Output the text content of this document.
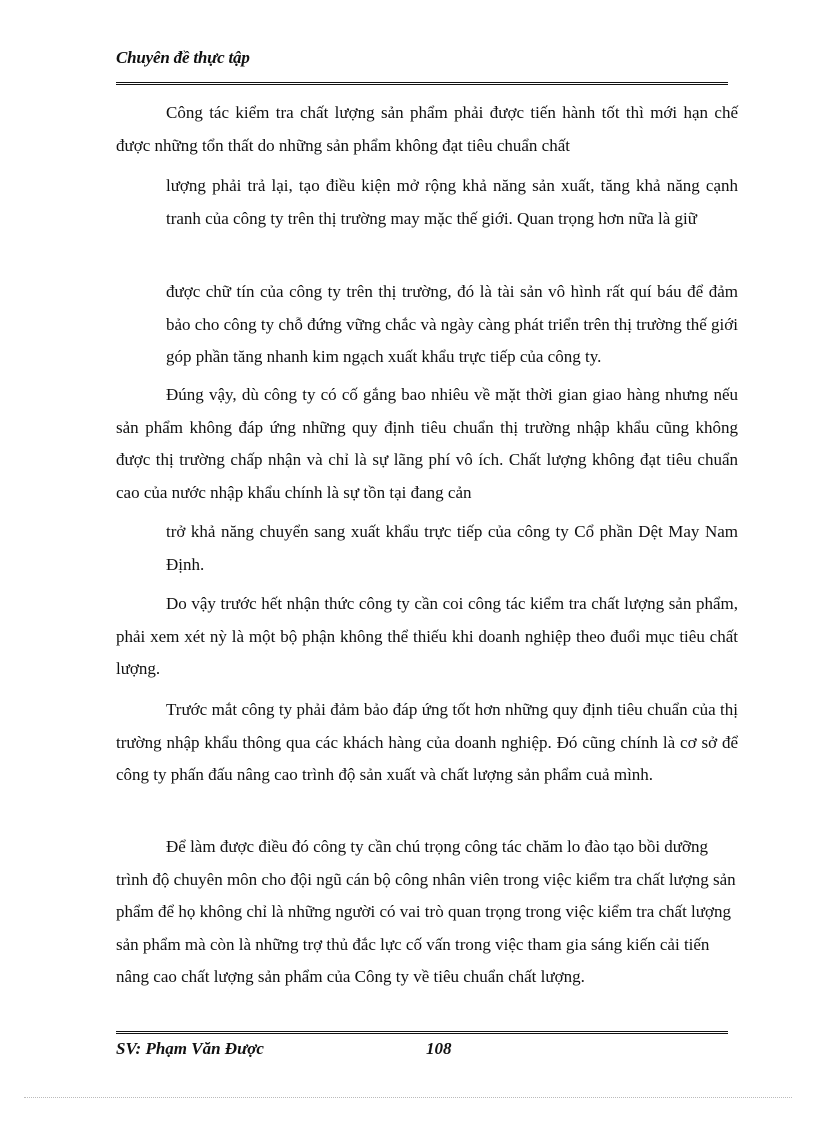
Chuyên đề thực tập

Công tác kiểm tra chất lượng sản phẩm phải được tiến hành tốt thì mới hạn chế được những tổn thất do những sản phẩm không đạt tiêu chuẩn chất

lượng phải trả lại, tạo điều kiện mở rộng khả năng sản xuất, tăng khả năng cạnh tranh của công ty trên thị trường may mặc thế giới. Quan trọng hơn nữa là giữ

được chữ tín của công ty trên thị trường, đó là tài sản vô hình rất quí báu để đảm bảo cho công ty chỗ đứng vững chắc và ngày càng phát triển trên thị trường thế giới góp phần tăng nhanh kim ngạch xuất khẩu trực tiếp của công ty.

Đúng vậy, dù công ty có cố gắng bao nhiêu về mặt thời gian giao hàng nhưng nếu sản phẩm không đáp ứng những quy định tiêu chuẩn thị trường nhập khẩu cũng không được thị trường chấp nhận và chỉ là sự lãng phí vô ích. Chất lượng không đạt tiêu chuẩn cao của nước nhập khẩu chính là sự tồn tại đang cản

trở khả năng chuyển sang xuất khẩu trực tiếp của công ty Cổ phần Dệt May Nam Định.

Do vậy trước hết nhận thức công ty cần coi công tác kiểm tra chất lượng sản phẩm, phải xem xét nỳ là một bộ phận không thể thiếu khi doanh nghiệp theo đuổi mục tiêu chất lượng.

Trước mắt công ty phải đảm bảo đáp ứng tốt hơn những quy định tiêu chuẩn của thị trường nhập khẩu thông qua các khách hàng của doanh nghiệp. Đó cũng chính là cơ sở để công ty phấn đấu nâng cao trình độ sản xuất và chất lượng sản phẩm cuả mình.

Để làm được điều đó công ty cần chú trọng công tác chăm lo đào tạo bồi dưỡng trình độ chuyên môn cho đội ngũ cán bộ công nhân viên trong việc kiểm tra chất lượng sản phẩm để họ không chỉ là những người có vai trò quan trọng trong việc kiểm tra chất lượng sản phẩm mà còn là những trợ thủ đắc lực cố vấn trong việc tham gia sáng kiến cải tiến nâng cao chất lượng sản phẩm của Công ty về tiêu chuẩn chất lượng.

SV: Phạm Văn Được	108
